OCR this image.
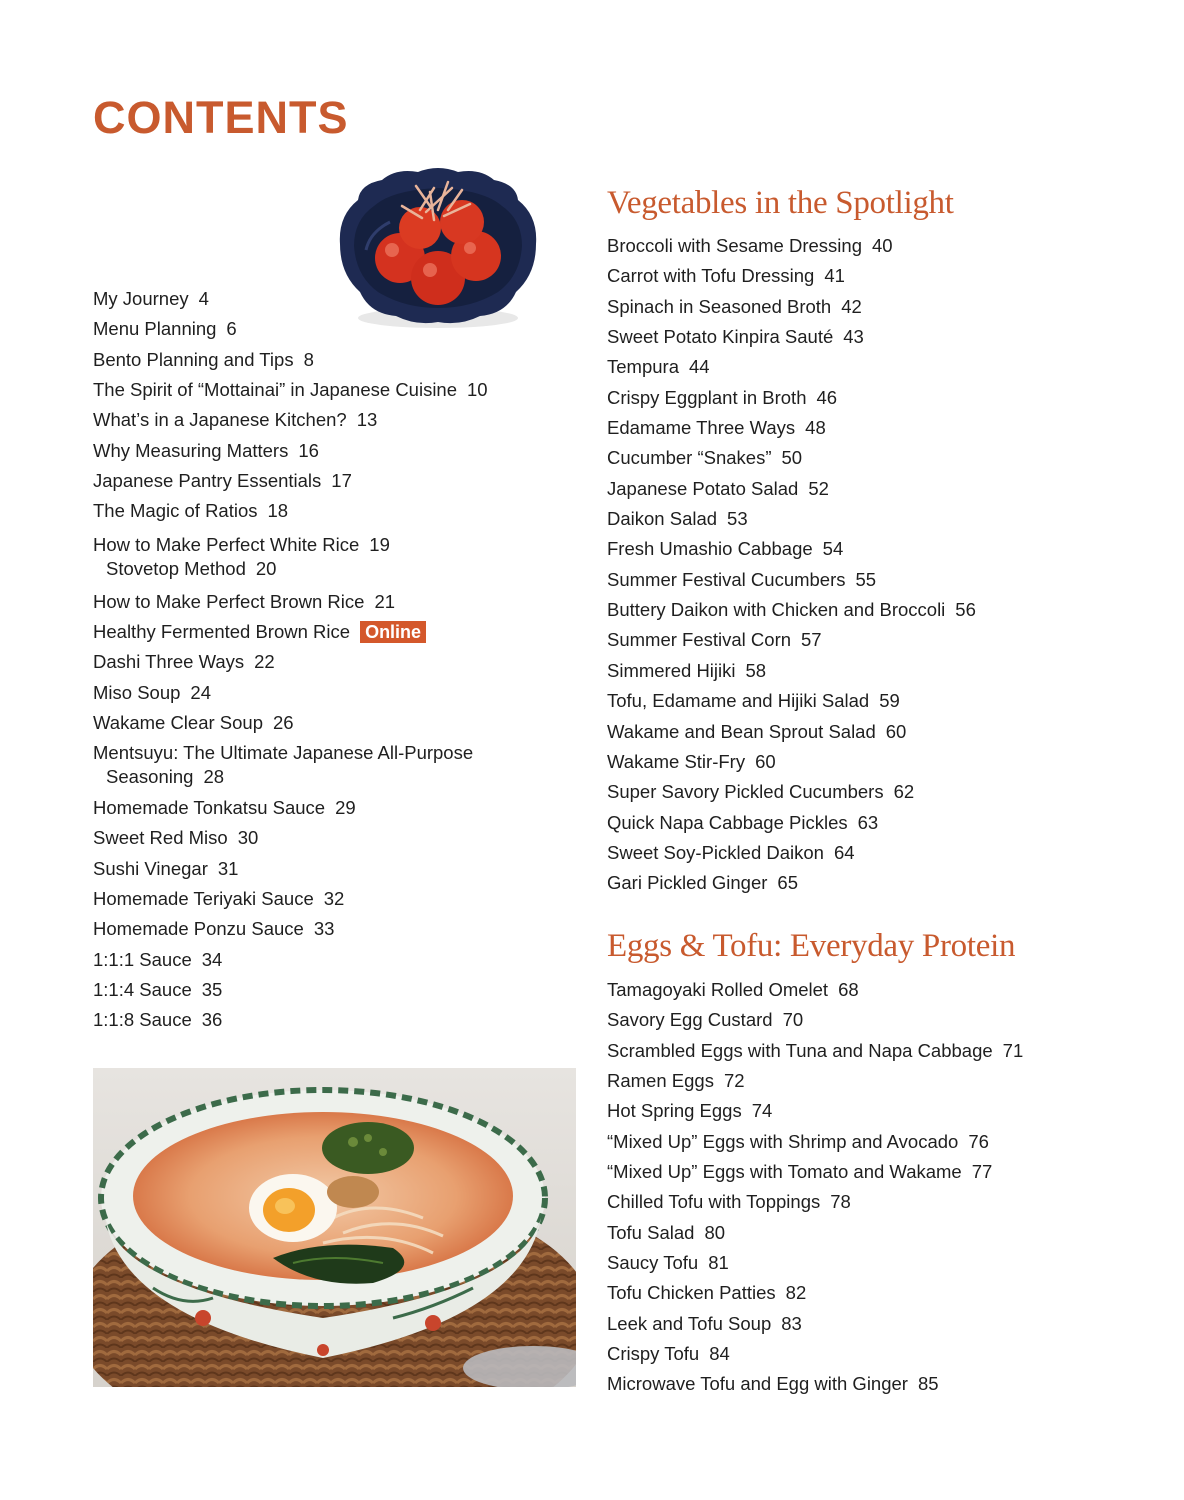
CONTENTS
My Journey 4
Menu Planning 6
Bento Planning and Tips 8
The Spirit of “Mottainai” in Japanese Cuisine 10
What’s in a Japanese Kitchen? 13
Why Measuring Matters 16
Japanese Pantry Essentials 17
The Magic of Ratios 18
How to Make Perfect White Rice 19
Stovetop Method 20
How to Make Perfect Brown Rice 21
Healthy Fermented Brown Rice Online
Dashi Three Ways 22
Miso Soup 24
Wakame Clear Soup 26
Mentsuyu: The Ultimate Japanese All-Purpose
Seasoning 28
Homemade Tonkatsu Sauce 29
Sweet Red Miso 30
Sushi Vinegar 31
Homemade Teriyaki Sauce 32
Homemade Ponzu Sauce 33
1:1:1 Sauce 34
1:1:4 Sauce 35
1:1:8 Sauce 36
Vegetables in the Spotlight
Broccoli with Sesame Dressing 40
Carrot with Tofu Dressing 41
Spinach in Seasoned Broth 42
Sweet Potato Kinpira Sauté 43
Tempura 44
Crispy Eggplant in Broth 46
Edamame Three Ways 48
Cucumber “Snakes” 50
Japanese Potato Salad 52
Daikon Salad 53
Fresh Umashio Cabbage 54
Summer Festival Cucumbers 55
Buttery Daikon with Chicken and Broccoli 56
Summer Festival Corn 57
Simmered Hijiki 58
Tofu, Edamame and Hijiki Salad 59
Wakame and Bean Sprout Salad 60
Wakame Stir-Fry 60
Super Savory Pickled Cucumbers 62
Quick Napa Cabbage Pickles 63
Sweet Soy-Pickled Daikon 64
Gari Pickled Ginger 65
Eggs & Tofu: Everyday Protein
Tamagoyaki Rolled Omelet 68
Savory Egg Custard 70
Scrambled Eggs with Tuna and Napa Cabbage 71
Ramen Eggs 72
Hot Spring Eggs 74
“Mixed Up” Eggs with Shrimp and Avocado 76
“Mixed Up” Eggs with Tomato and Wakame 77
Chilled Tofu with Toppings 78
Tofu Salad 80
Saucy Tofu 81
Tofu Chicken Patties 82
Leek and Tofu Soup 83
Crispy Tofu 84
Microwave Tofu and Egg with Ginger 85
